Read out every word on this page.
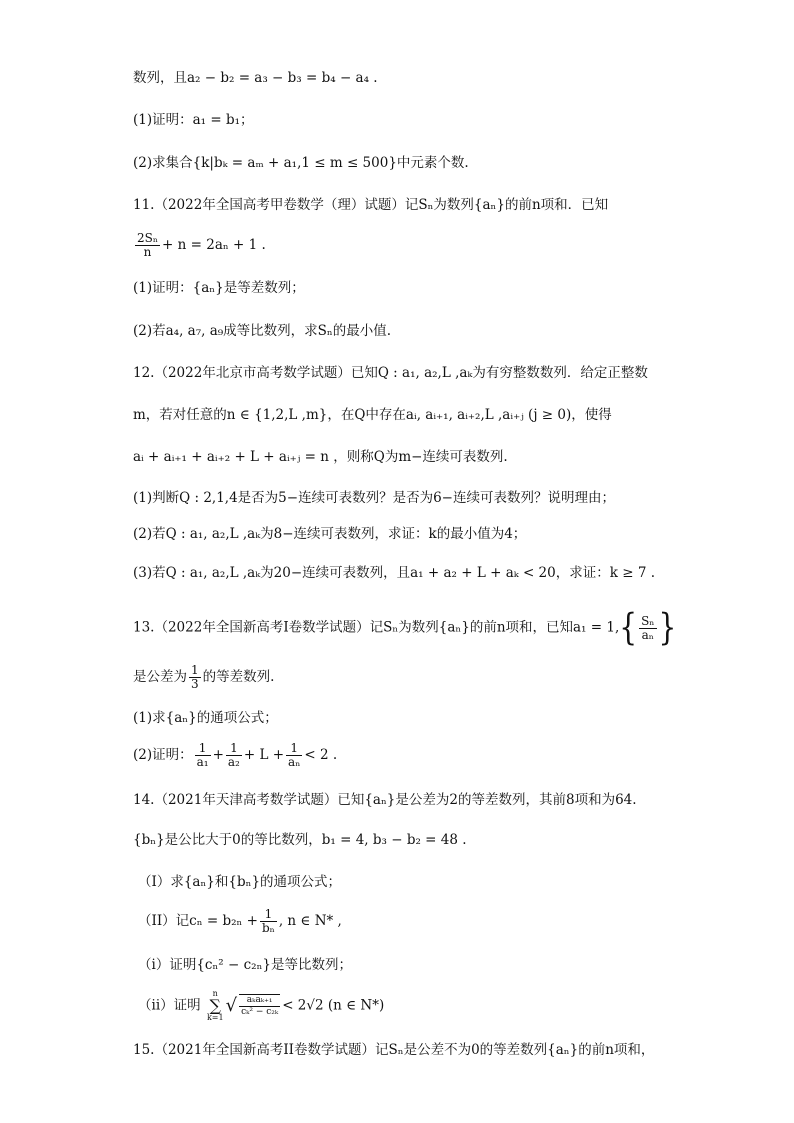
数列，且a₂ − b₂ = a₃ − b₃ = b₄ − a₄ .
(1)证明：a₁ = b₁；
(2)求集合{k|bₖ = aₘ + a₁,1 ≤ m ≤ 500}中元素个数.
11.（2022年全国高考甲卷数学（理）试题）记Sₙ为数列{aₙ}的前n项和．已知
$\frac{\text{2Sₙ}}{n} + n = 2a_n + 1$ .
(1)证明：{aₙ}是等差数列；
(2)若a₄, a₇, a₉成等比数列，求Sₙ的最小值.
12.（2022年北京市高考数学试题）已知Q : a₁, a₂,L ,aₖ为有穷整数数列．给定正整数
m，若对任意的n ∈ {1,2,L ,m}，在Q中存在aᵢ, aᵢ₊₁, aᵢ₊₂,L ,aᵢ₊ⱼ (j ≥ 0)，使得
aᵢ + aᵢ₊₁ + aᵢ₊₂ + L + aᵢ₊ⱼ = n ，则称Q为m−连续可表数列.
(1)判断Q : 2,1,4是否为5−连续可表数列？是否为6−连续可表数列？说明理由；
(2)若Q : a₁, a₂,L ,aₖ为8−连续可表数列，求证：k的最小值为4；
(3)若Q : a₁, a₂,L ,aₖ为20−连续可表数列，且a₁ + a₂ + L + aₖ < 20，求证：k ≥ 7 .
13.（2022年全国新高考I卷数学试题）记Sₙ为数列{aₙ}的前n项和，已知$a_1 = 1,\{ \frac{\text{Sₙ}}{\text{aₙ}}$ }
是公差为 $\frac{1}{3}$ 的等差数列.
(1)求{aₙ}的通项公式；
(2)证明： $\frac{1}{\text{a₁}} + \frac{1}{\text{a₂}} + L + \frac{1}{\text{aₙ}} < 2$ .
14.（2021年天津高考数学试题）已知{aₙ}是公差为2的等差数列，其前8项和为64.
{bₙ}是公比大于0的等比数列，b₁ = 4, b₃ − b₂ = 48 .
（I）求{aₙ}和{bₙ}的通项公式；
（II）记$c_n = b_{2n} + \frac{1}{\text{bₙ}}$ , n ∈ N* ,
（i）证明{cₙ² − c₂ₙ}是等比数列；
（ii）证明
n
∑
k=1
√ $\frac{\text{aₖaₖ₊₁}}{\text{cₖ² − c₂ₖ}} < 2√2$ (n ∈ N*)
15.（2021年全国新高考II卷数学试题）记Sₙ是公差不为0的等差数列{aₙ}的前n项和，
